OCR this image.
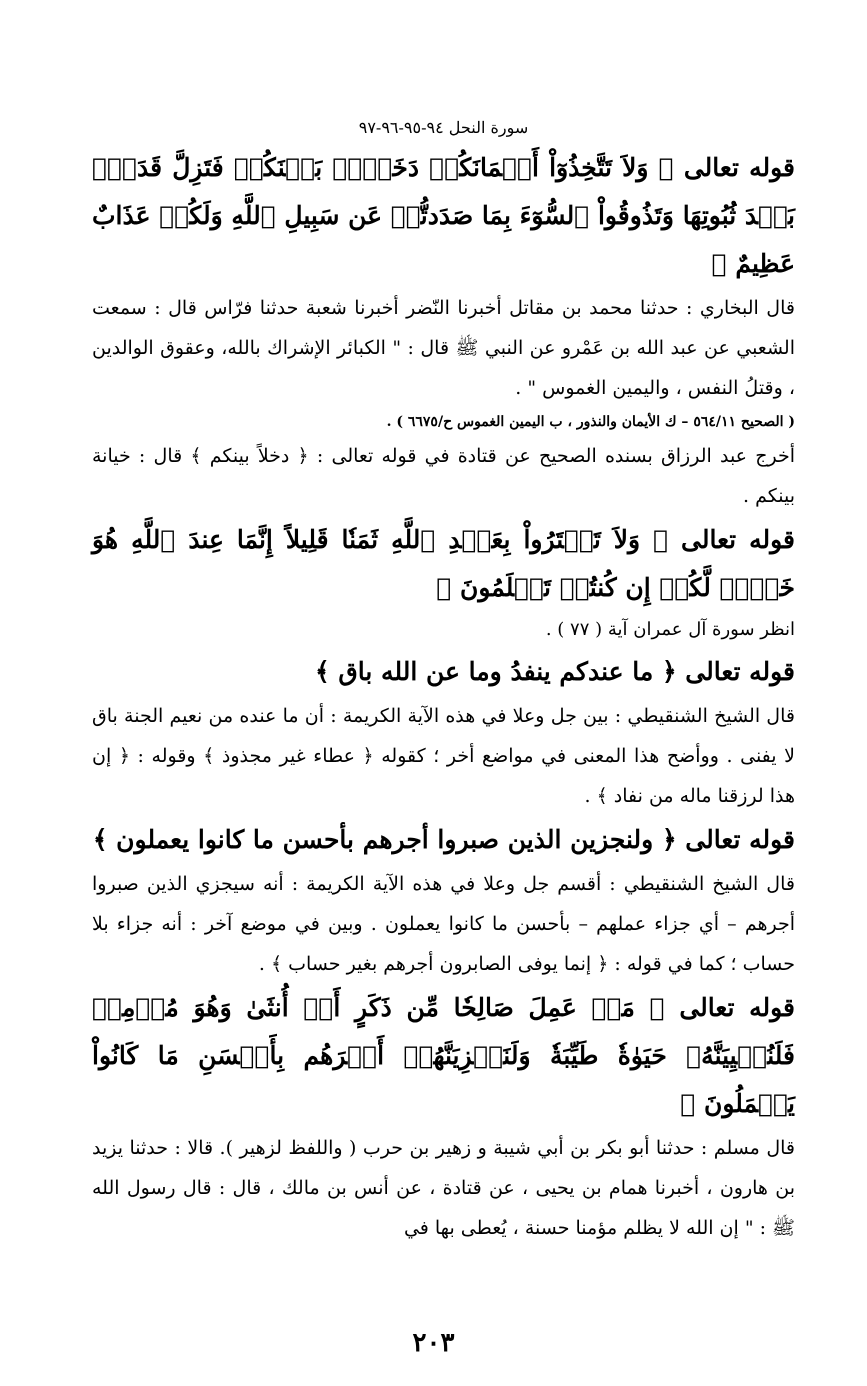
سورة النحل ٩٤-٩٥-٩٦-٩٧
قوله تعالى ﴿ وَلاَ تَتَّخِذُوٓاْ أَيۡمَانَكُمۡ دَخَلاَۢ بَيۡنَكُمۡ فَتَزِلَّ قَدَمُۢ بَعۡدَ ثُبُوتِهَا وَتَذُوقُواْ ٱلسُّوٓءَ بِمَا صَدَدتُّمۡ عَن سَبِيلِ ٱللَّهِ وَلَكُمۡ عَذَابٌ عَظِيمٌ ﴾
قال البخاري : حدثنا محمد بن مقاتل أخبرنا النّضر أخبرنا شعبة حدثنا فرّاس قال : سمعت الشعبي عن عبد الله بن عَمْرو عن النبي ﷺ قال : " الكبائر الإشراك بالله، وعقوق الوالدين ، وقتلُ النفس ، واليمين الغموس " .
( الصحيح ٥٦٤/١١ – ك الأيمان والنذور ، ب اليمين الغموس ح/٦٦٧٥ ) .
أخرج عبد الرزاق بسنده الصحيح عن قتادة في قوله تعالى : ﴿ دخلاً بينكم ﴾ قال : خيانة بينكم .
قوله تعالى ﴿ وَلاَ تَشۡتَرُواْ بِعَهۡدِ ٱللَّهِ ثَمَنٗا قَلِيلاً إِنَّمَا عِندَ ٱللَّهِ هُوَ خَيۡرٞ لَّكُمۡ إِن كُنتُمۡ تَعۡلَمُونَ ﴾
انظر سورة آل عمران آية ( ٧٧ ) .
قوله تعالى ﴿ ما عندكم ينفدُ وما عن الله باق ﴾
قال الشيخ الشنقيطي : بين جل وعلا في هذه الآية الكريمة : أن ما عنده من نعيم الجنة باق لا يفنى . ووأضح هذا المعنى في مواضع أخر ؛ كقوله ﴿ عطاء غير مجذوذ ﴾ وقوله : ﴿ إن هذا لرزقنا ماله من نفاد ﴾ .
قوله تعالى ﴿ ولنجزين الذين صبروا أجرهم بأحسن ما كانوا يعملون ﴾
قال الشيخ الشنقيطي : أقسم جل وعلا في هذه الآية الكريمة : أنه سيجزي الذين صبروا أجرهم – أي جزاء عملهم – بأحسن ما كانوا يعملون . وبين في موضع آخر : أنه جزاء بلا حساب ؛ كما في قوله : ﴿ إنما يوفى الصابرون أجرهم بغير حساب ﴾ .
قوله تعالى ﴿ مَنۡ عَمِلَ صَالِحٗا مِّن ذَكَرٍ أَوۡ أُنثَىٰ وَهُوَ مُؤۡمِنٞ فَلَنُحۡيِيَنَّهُۥ حَيَوٰةٗ طَيِّبَةٗ وَلَنَجۡزِيَنَّهُمۡ أَجۡرَهُم بِأَحۡسَنِ مَا كَانُواْ يَعۡمَلُونَ ﴾
قال مسلم : حدثنا أبو بكر بن أبي شيبة و زهير بن حرب ( واللفظ لزهير ). قالا : حدثنا يزيد بن هارون ، أخبرنا همام بن يحيى ، عن قتادة ، عن أنس بن مالك ، قال : قال رسول الله ﷺ : " إن الله لا يظلم مؤمنا حسنة ، يُعطى بها في
٢٠٣
